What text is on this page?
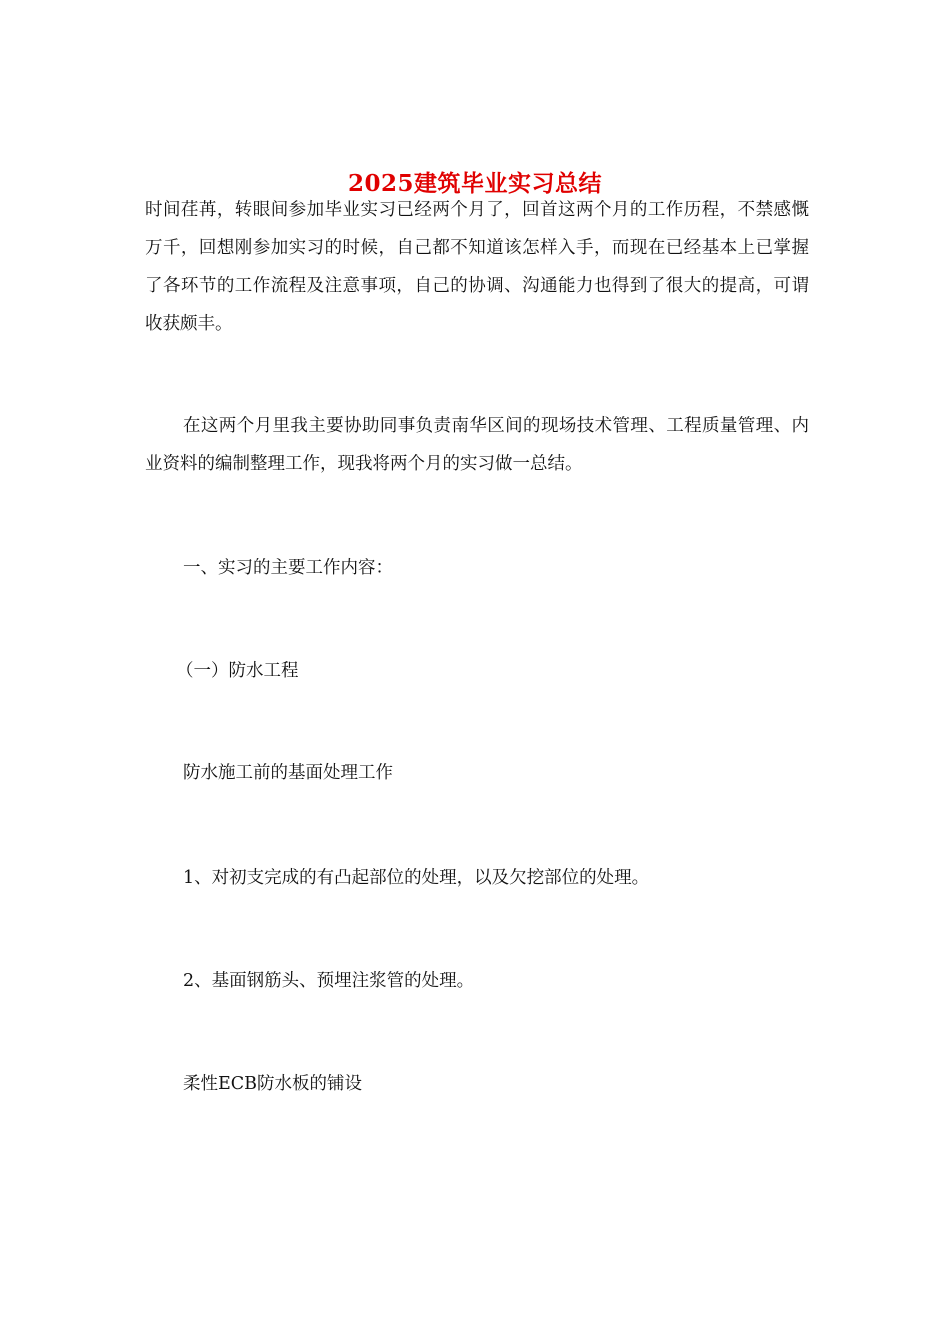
2025建筑毕业实习总结

时间荏苒，转眼间参加毕业实习已经两个月了，回首这两个月的工作历程，不禁感慨万千，回想刚参加实习的时候，自己都不知道该怎样入手，而现在已经基本上已掌握了各环节的工作流程及注意事项，自己的协调、沟通能力也得到了很大的提高，可谓收获颇丰。

在这两个月里我主要协助同事负责南华区间的现场技术管理、工程质量管理、内业资料的编制整理工作，现我将两个月的实习做一总结。

一、实习的主要工作内容：

（一）防水工程

防水施工前的基面处理工作

1、对初支完成的有凸起部位的处理，以及欠挖部位的处理。

2、基面钢筋头、预埋注浆管的处理。

柔性ECB防水板的铺设
